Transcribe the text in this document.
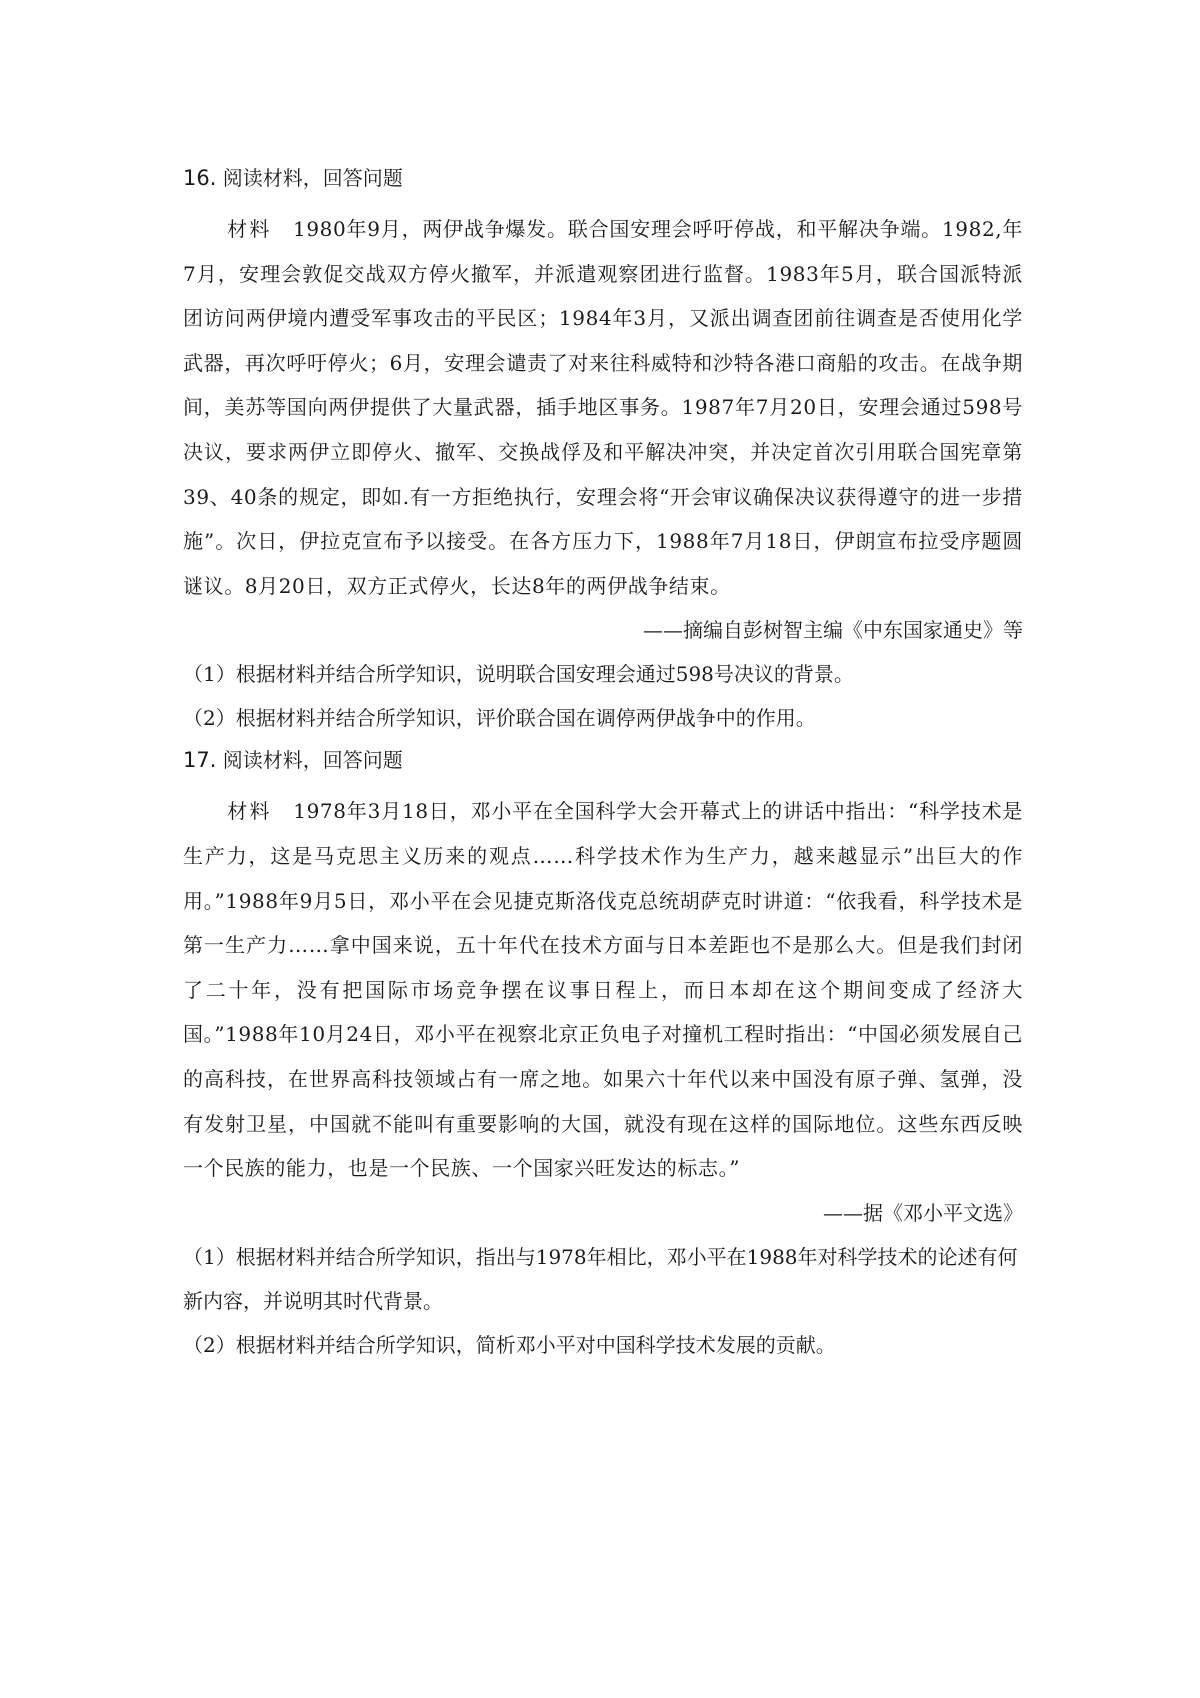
16. 阅读材料，回答问题

材料 1980年9月，两伊战争爆发。联合国安理会呼吁停战，和平解决争端。1982,年7月，安理会敦促交战双方停火撤军，并派遣观察团进行监督。1983年5月，联合国派特派团访问两伊境内遭受军事攻击的平民区；1984年3月，又派出调查团前往调查是否使用化学武器，再次呼吁停火；6月，安理会谴责了对来往科威特和沙特各港口商船的攻击。在战争期间，美苏等国向两伊提供了大量武器，插手地区事务。1987年7月20日，安理会通过598号决议，要求两伊立即停火、撤军、交换战俘及和平解决冲突，并决定首次引用联合国宪章第39、40条的规定，即如.有一方拒绝执行，安理会将“开会审议确保决议获得遵守的进一步措施”。次日，伊拉克宣布予以接受。在各方压力下，1988年7月18日，伊朗宣布拉受序题圆谜议。8月20日，双方正式停火，长达8年的两伊战争结束。

——摘编自彭树智主编《中东国家通史》等

（1）根据材料并结合所学知识，说明联合国安理会通过598号决议的背景。

（2）根据材料并结合所学知识，评价联合国在调停两伊战争中的作用。

17. 阅读材料，回答问题

材料 1978年3月18日，邓小平在全国科学大会开幕式上的讲话中指出：“科学技术是生产力，这是马克思主义历来的观点……科学技术作为生产力，越来越显示”出巨大的作用。”1988年9月5日，邓小平在会见捷克斯洛伐克总统胡萨克时讲道：“依我看，科学技术是第一生产力……拿中国来说，五十年代在技术方面与日本差距也不是那么大。但是我们封闭了二十年，没有把国际市场竞争摆在议事日程上，而日本却在这个期间变成了经济大国。”1988年10月24日，邓小平在视察北京正负电子对撞机工程时指出：“中国必须发展自己的高科技，在世界高科技领域占有一席之地。如果六十年代以来中国没有原子弹、氢弹，没有发射卫星，中国就不能叫有重要影响的大国，就没有现在这样的国际地位。这些东西反映一个民族的能力，也是一个民族、一个国家兴旺发达的标志。”

——据《邓小平文选》

（1）根据材料并结合所学知识，指出与1978年相比，邓小平在1988年对科学技术的论述有何新内容，并说明其时代背景。

（2）根据材料并结合所学知识，简析邓小平对中国科学技术发展的贡献。
